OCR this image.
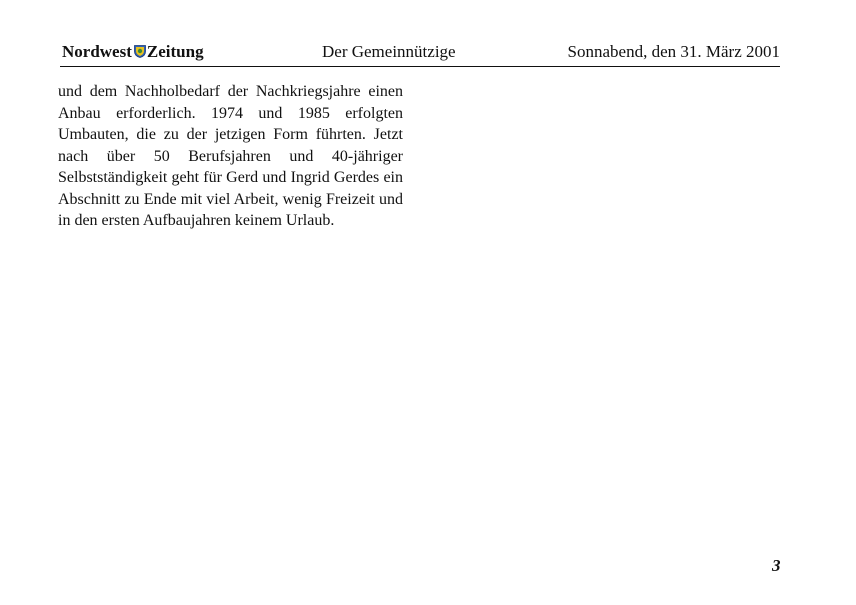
Nordwest Zeitung	Der Gemeinnützige	Sonnabend, den 31. März 2001

und dem Nachholbedarf der Nachkriegsjahre einen Anbau erforderlich. 1974 und 1985 erfolgten Umbauten, die zu der jetzigen Form führten. Jetzt nach über 50 Berufsjahren und 40-jähriger Selbstständigkeit geht für Gerd und Ingrid Gerdes ein Abschnitt zu Ende mit viel Arbeit, wenig Freizeit und in den ersten Aufbaujahren keinem Urlaub.

3
